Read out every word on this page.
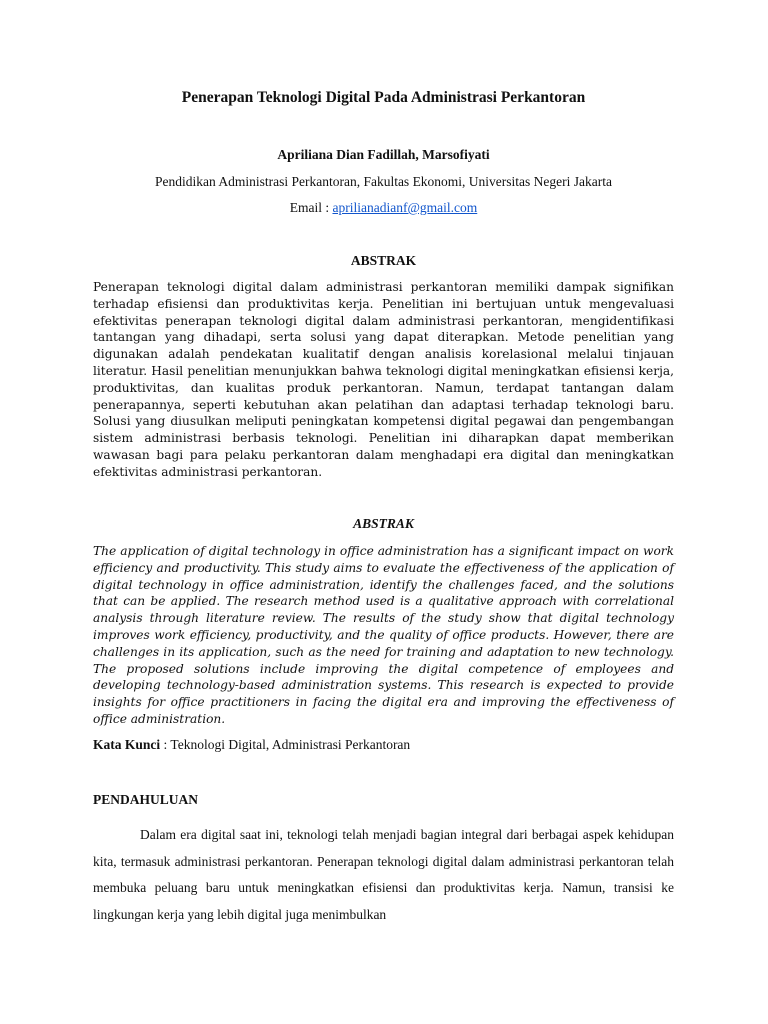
Penerapan Teknologi Digital Pada Administrasi Perkantoran
Apriliana Dian Fadillah, Marsofiyati
Pendidikan Administrasi Perkantoran, Fakultas Ekonomi, Universitas Negeri Jakarta
Email : aprilianadianf@gmail.com
ABSTRAK

Penerapan teknologi digital dalam administrasi perkantoran memiliki dampak signifikan terhadap efisiensi dan produktivitas kerja. Penelitian ini bertujuan untuk mengevaluasi efektivitas penerapan teknologi digital dalam administrasi perkantoran, mengidentifikasi tantangan yang dihadapi, serta solusi yang dapat diterapkan. Metode penelitian yang digunakan adalah pendekatan kualitatif dengan analisis korelasional melalui tinjauan literatur. Hasil penelitian menunjukkan bahwa teknologi digital meningkatkan efisiensi kerja, produktivitas, dan kualitas produk perkantoran. Namun, terdapat tantangan dalam penerapannya, seperti kebutuhan akan pelatihan dan adaptasi terhadap teknologi baru. Solusi yang diusulkan meliputi peningkatan kompetensi digital pegawai dan pengembangan sistem administrasi berbasis teknologi. Penelitian ini diharapkan dapat memberikan wawasan bagi para pelaku perkantoran dalam menghadapi era digital dan meningkatkan efektivitas administrasi perkantoran.

ABSTRAK

The application of digital technology in office administration has a significant impact on work efficiency and productivity. This study aims to evaluate the effectiveness of the application of digital technology in office administration, identify the challenges faced, and the solutions that can be applied. The research method used is a qualitative approach with correlational analysis through literature review. The results of the study show that digital technology improves work efficiency, productivity, and the quality of office products. However, there are challenges in its application, such as the need for training and adaptation to new technology. The proposed solutions include improving the digital competence of employees and developing technology-based administration systems. This research is expected to provide insights for office practitioners in facing the digital era and improving the effectiveness of office administration.

Kata Kunci : Teknologi Digital, Administrasi Perkantoran
PENDAHULUAN

Dalam era digital saat ini, teknologi telah menjadi bagian integral dari berbagai aspek kehidupan kita, termasuk administrasi perkantoran. Penerapan teknologi digital dalam administrasi perkantoran telah membuka peluang baru untuk meningkatkan efisiensi dan produktivitas kerja. Namun, transisi ke lingkungan kerja yang lebih digital juga menimbulkan
